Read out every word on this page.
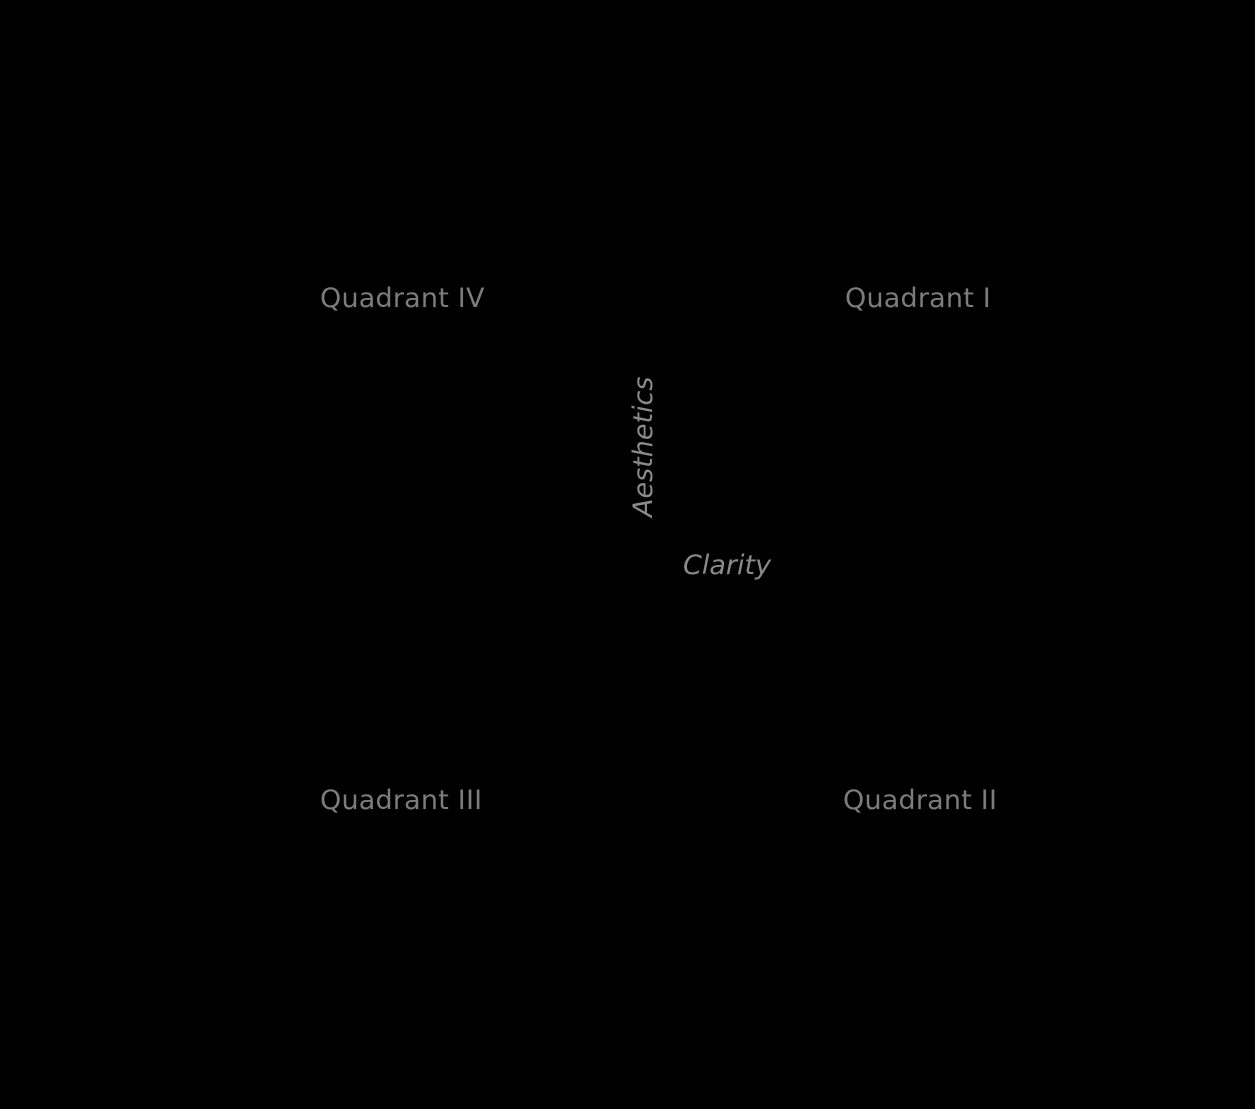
Quadrant IV	Quadrant I
Quadrant III	Quadrant II
Aesthetics
Clarity
